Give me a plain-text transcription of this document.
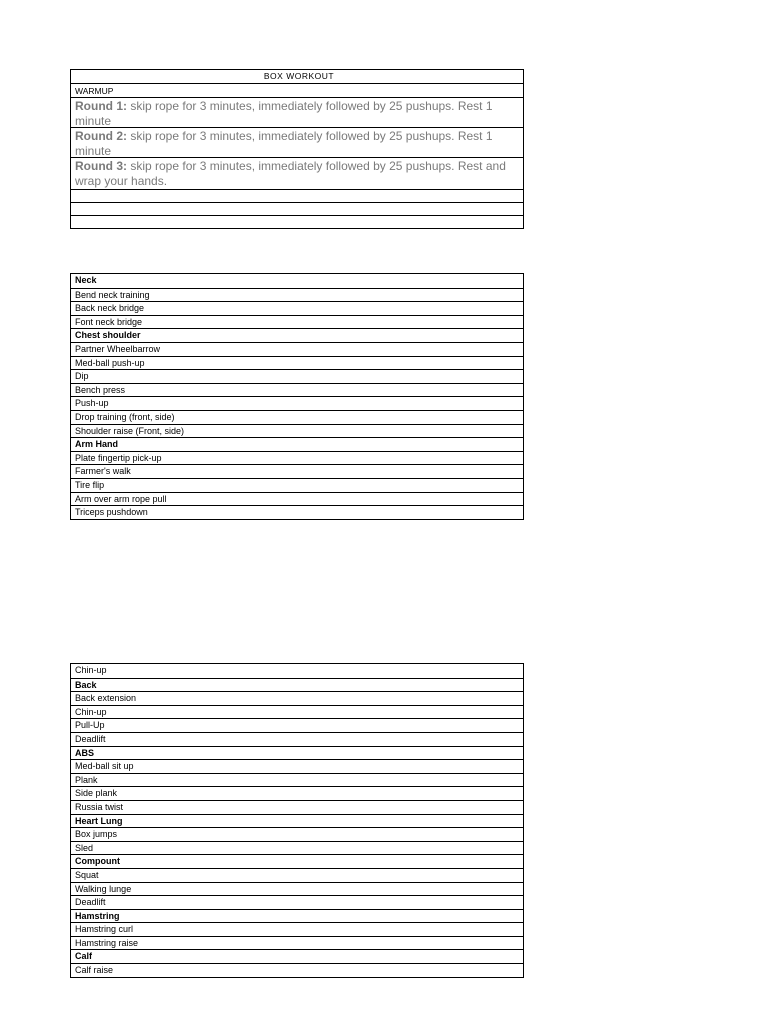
BOX WORKOUT
WARMUP
Round 1: skip rope for 3 minutes, immediately followed by 25 pushups. Rest 1 minute
Round 2: skip rope for 3 minutes, immediately followed by 25 pushups. Rest 1 minute
Round 3: skip rope for 3 minutes, immediately followed by 25 pushups. Rest and wrap your hands.
Neck
Bend neck training
Back neck bridge
Font neck bridge
Chest shoulder
Partner Wheelbarrow
Med-ball push-up
Dip
Bench press
Push-up
Drop training (front, side)
Shoulder raise (Front, side)
Arm Hand
Plate fingertip pick-up
Farmer's walk
Tire flip
Arm over arm rope pull
Triceps pushdown
Chin-up
Back
Back extension
Chin-up
Pull-Up
Deadlift
ABS
Med-ball sit up
Plank
Side plank
Russia twist
Heart Lung
Box jumps
Sled
Compount
Squat
Walking lunge
Deadlift
Hamstring
Hamstring curl
Hamstring raise
Calf
Calf raise
